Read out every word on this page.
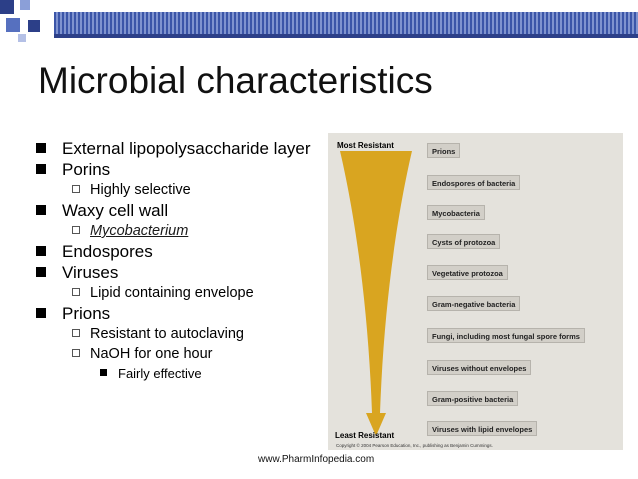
Microbial characteristics
External lipopolysaccharide layer
Porins
Highly selective
Waxy cell wall
Mycobacterium
Endospores
Viruses
Lipid containing envelope
Prions
Resistant to autoclaving
NaOH for one hour
Fairly effective
Most Resistant
Prions
Endospores of bacteria
Mycobacteria
Cysts of protozoa
Vegetative protozoa
Gram-negative bacteria
Fungi, including most fungal spore forms
Viruses without envelopes
Gram-positive bacteria
Viruses with lipid envelopes
Least Resistant
Copyright © 2004 Pearson Education, Inc., publishing as Benjamin Cummings.
www.PharmInfopedia.com
